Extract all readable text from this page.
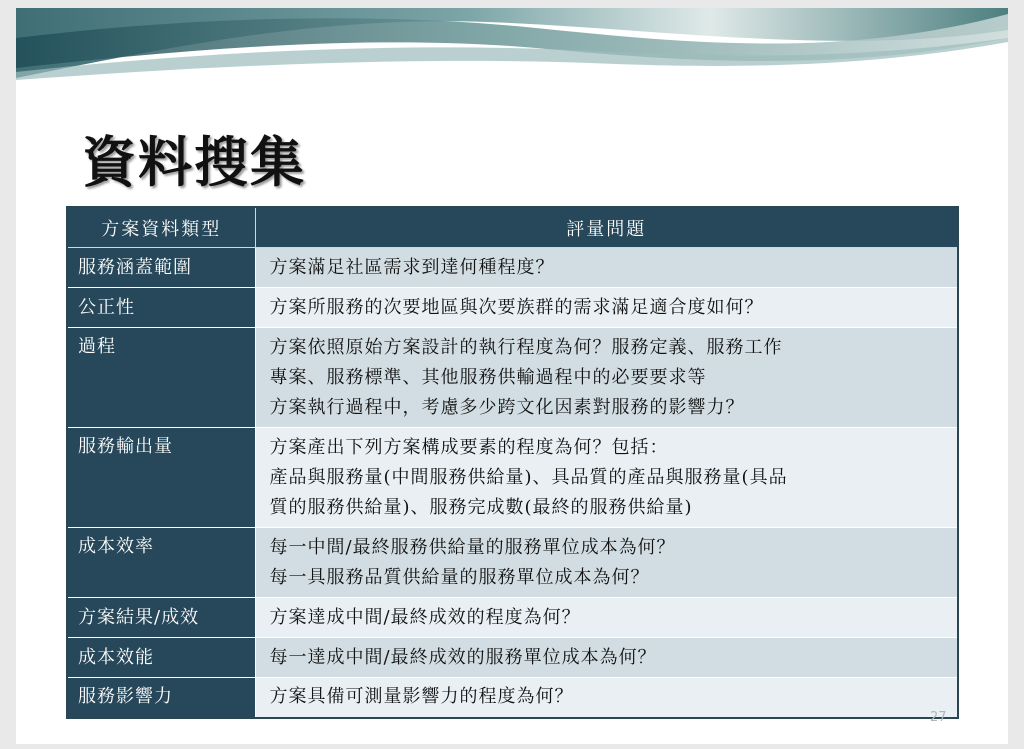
資料搜集
方案資料類型	評量問題
服務涵蓋範圍	方案滿足社區需求到達何種程度？

公正性	方案所服務的次要地區與次要族群的需求滿足適合度如何？

過程	方案依照原始方案設計的執行程度為何？服務定義、服務工作
專案、服務標準、其他服務供輸過程中的必要要求等
方案執行過程中，考慮多少跨文化因素對服務的影響力？

服務輸出量	方案產出下列方案構成要素的程度為何？包括：
產品與服務量(中間服務供給量)、具品質的產品與服務量(具品
質的服務供給量)、服務完成數(最終的服務供給量)

成本效率	每一中間/最終服務供給量的服務單位成本為何？
每一具服務品質供給量的服務單位成本為何？

方案結果/成效	方案達成中間/最終成效的程度為何？

成本效能	每一達成中間/最終成效的服務單位成本為何？

服務影響力	方案具備可測量影響力的程度為何？
27
